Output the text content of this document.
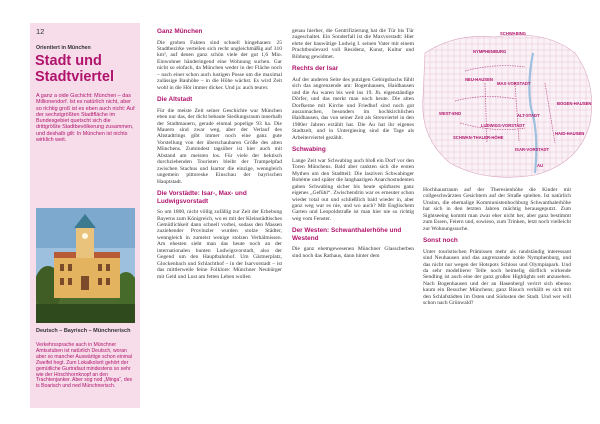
12
Orientiert in München
Stadt und
Stadtviertel

A ganz a oide Gschicht: München – das Millionendorf. Ist es natürlich nicht, aber so richtig groß ist es eben auch nicht: Auf der sechstgrößten Stadtfläche im Bundesgebiet quetscht sich die drittgrößte Stadtbevölkerung zusammen, und deshalb gilt: In München ist nichts wirklich weit.

Deutsch – Bayrisch – Münchnerisch

Verkehrssprache auch in Münchner Amtsstuben ist natürlich Deutsch, woran aber so mancher Auswärtige schon einmal Zweifel hegt. Zum Lokalkolorit gehört der gemütliche Gurtrafaut mindestens so sehr wie der Hirschhornknopf an den Trachtenjanker. Aber sog nod „Minga“, des is Boarisch und ned Münchnerisch.

Ganz München

Die groben Fakten sind schnell hingehauen: 25 Stadtbezirke verteilen sich recht ungleichmäßig auf 310 km², auf denen ganz schön viele der gut 1,6 Mio. Einwohner händeringend eine Wohnung suchen. Gar nicht so einfach, da München weder in der Fläche noch – nach einer schon auch lustigen Posse um die maximal zulässige Bauhöhe – in die Höhe wächst. Es wird Zeit wohl in die Hör immer dicker. Und ja: auch teurer.

Die Altstadt

Für die meiste Zeit seiner Geschichte war München eben nur das, der dicht bebaute Siedlungsraum innerhalb der Stadtmauern, gerade einmal popelige 93 ha. Die Mauern sind zwar weg, aber der Verlauf des Altstadtrings gibt immer noch eine ganz gute Vorstellung von der überschaubaren Größe des alten Münchens. Zumindest tagsüber ist hier auch mit Abstand am meisten los. Für viele der hektisch durchziehenden Touristen bleibt der Trampelpfad zwischen Stachus und Isartor die einzige, wenngleich ungemein pittoreske Einschau der bayrischen Hauptstadt.

Die Vorstädte: Isar-, Max- und Ludwigsvorstadt

So um 1800, nicht völlig zufällig zur Zeit der Erhebung Bayerns zum Königreich, wo es mit der Kleinstädtisches Gemütlichkeit dann schnell vorbei, sodass den Massen zuziehender Provinzler wurden stolze Städter, wenngleich in zumeist wenige stolzen Verhältnissen. Am ehesten sieht man das heute noch an der internationalen bunten Ludwigsvorstadt, also der Gegend um den Hauptbahnhof. Um Gärtnerplatz, Glockenbach und Schlachthof – in der Isarvorstadt – ist das mittlerweile feine Folklore: Münchner Neubürger mit Geld und Lust am fetten Leben wollen

genau hierher, die Gentrifizierung hat die Tür bis Tür zugeschaltet. Ein Sonderfall ist die Maxvorstadt: Hier ehrte der bauwütige Ludwig I. seinen Vater mit einem Prachtboulevard voll Residenz, Kunst, Kultur und Bildung gewidmet.

Rechts der Isar

Auf der anderen Seite des putzigen Gebirgsbachs fühlt sich das angrenzende am: Bogenhausen, Haidhausen und die Au waren bis weit ins 19. Jh. eigenständige Dörfer, und das merkt man noch heute. Die alten Dorfkerne mit Kirche und Friedhof sind noch gut auszumachen, besonders im hochkirchlichen Haidhausen, das von seiner Zeit als Streuviertel in den 1980er Jahren erzählt hat. Die Au hat ihr eigenes Stadtzelt, und in Untergiesing sind die Tage als Arbeiterviertel gezählt.

Schwabing

Lange Zeit war Schwabing auch bloß ein Dorf vor den Toren Münchens. Bald aber rankten sich die ersten Mythen um den Stadtteil: Die lasziven Schwabinger Bohème und später die langhaarigen Anarchostudenten gaben Schwabing sicher bis heute spürbares ganz eigenes „Gefühl“. Zwischendrin war es erneuter schon wieder total out und schließlich bald wieder in, aber ganz weg war es nie, und wo auch? Mit Englischem Garten und Leopoldstraße ist man hier nie so richtig weg vom Fenster.

Der Westen: Schwanthalerhöhe und Westend

Die ganz ehemgewesenen Münchner Glasscherben sind noch das Rathaus, dann hinter dem

NYMPHENBURG
SCHWABING
NEU-HAUSEN
MAX-VORSTADT
WEST-END
LUDWIGS-VORSTADT
ALT-STADT
BOGEN-HAUSEN
SCHWAN-THALER-HÖHE
HAID-HAUSEN
ISAR-VORSTADT
AU

Hochhaustraum auf der Theresienhöhe die Kinder mit collgeschwärzten Gesichtern auf der Straße spielten. Ist natürlich Unsinn, die ehemalige Kommunistenhochburg Schwanthalerhöhe hat sich in den letzten Jahren mächtig herausgeputzt. Zum Sightseeing kommt man zwar eher nicht her, aber ganz bestimmt zum Essen, Feiern und, sowieso, zum Trinken, letzt noch vielleicht zur Wohnungssuche.

Sonst noch

Unter touristischen Prämissen mehr als randständig interessant sind Neuhausen und das angrenzende noble Nymphenburg, und das nicht nur wegen der Hotspots Schloss und Olympiapark. Und da sehr modellierer Telle noch heimelig dörflich wirkende Sendling ist auch eine der ganz großen Highlights seit anzusehen. Nach Bogenhausen und der an Hasenbergl verirrt sich ebenso kaum ein Besucher Münchens; ganz Bisuch verhällt es sich mit den Schlafstädten im Osten und Südosten der Stadt. Und wer will schon nach Grünwald?
